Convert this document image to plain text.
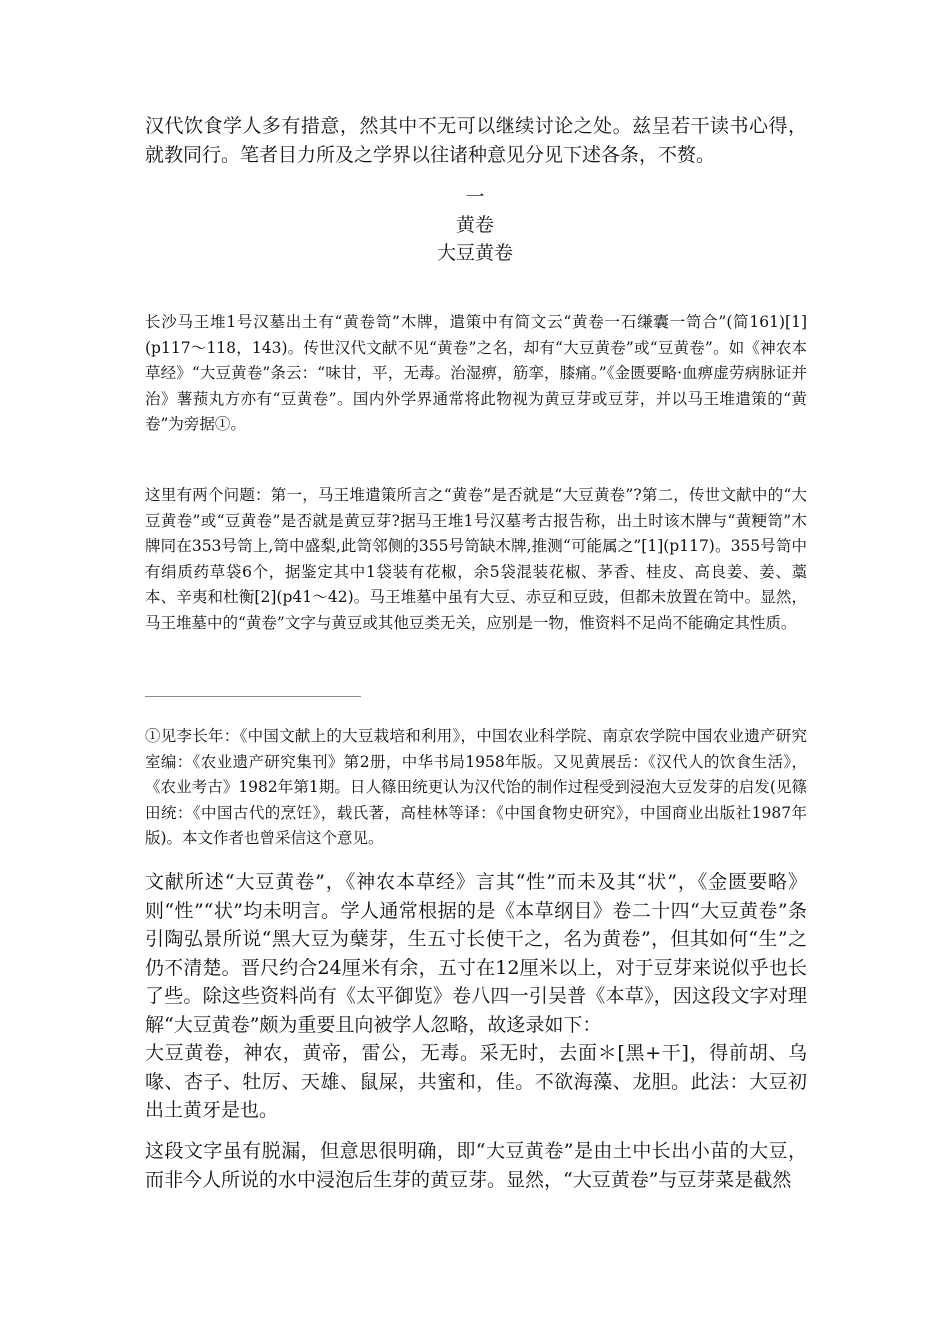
汉代饮食学人多有措意，然其中不无可以继续讨论之处。兹呈若干读书心得，就教同行。笔者目力所及之学界以往诸种意见分见下述各条，不赘。
一
黄卷
大豆黄卷
长沙马王堆1号汉墓出土有“黄卷笥”木牌，遣策中有简文云“黄卷一石缣囊一笥合”(简161)[1](p117～118，143)。传世汉代文献不见“黄卷”之名，却有“大豆黄卷”或“豆黄卷”。如《神农本草经》“大豆黄卷”条云：“味甘，平，无毒。治湿痹，筋挛，膝痛。”《金匮要略·血痹虚劳病脉证并治》薯蓣丸方亦有“豆黄卷”。国内外学界通常将此物视为黄豆芽或豆芽，并以马王堆遣策的“黄卷”为旁据①。
这里有两个问题：第一，马王堆遣策所言之“黄卷”是否就是“大豆黄卷”?第二，传世文献中的“大豆黄卷”或“豆黄卷”是否就是黄豆芽?据马王堆1号汉墓考古报告称，出土时该木牌与“黄粳笥”木牌同在353号笥上,笥中盛梨,此笥邻侧的355号笥缺木牌,推测“可能属之”[1](p117)。355号笥中有绢质药草袋6个，据鉴定其中1袋装有花椒，余5袋混装花椒、茅香、桂皮、高良姜、姜、藁本、辛夷和杜衡[2](p41～42)。马王堆墓中虽有大豆、赤豆和豆豉，但都未放置在笥中。显然，马王堆墓中的“黄卷”文字与黄豆或其他豆类无关，应别是一物，惟资料不足尚不能确定其性质。
①见李长年：《中国文献上的大豆栽培和利用》，中国农业科学院、南京农学院中国农业遗产研究室编：《农业遗产研究集刊》第2册，中华书局1958年版。又见黄展岳：《汉代人的饮食生活》，《农业考古》1982年第1期。日人篠田统更认为汉代饴的制作过程受到浸泡大豆发芽的启发(见篠田统：《中国古代的烹饪》，载氏著，高桂林等译：《中国食物史研究》，中国商业出版社1987年版)。本文作者也曾采信这个意见。
文献所述“大豆黄卷”，《神农本草经》言其“性”而未及其“状”，《金匮要略》则“性”“状”均未明言。学人通常根据的是《本草纲目》卷二十四“大豆黄卷”条引陶弘景所说“黑大豆为蘖芽，生五寸长使干之，名为黄卷”，但其如何“生”之仍不清楚。晋尺约合24厘米有余，五寸在12厘米以上，对于豆芽来说似乎也长了些。除这些资料尚有《太平御览》卷八四一引吴普《本草》，因这段文字对理解“大豆黄卷”颇为重要且向被学人忽略，故迻录如下：
大豆黄卷，神农，黄帝，雷公，无毒。采无时，去面＊[黑+干]，得前胡、乌喙、杏子、牡厉、天雄、鼠屎，共蜜和，佳。不欲海藻、龙胆。此法：大豆初出土黄牙是也。
这段文字虽有脱漏，但意思很明确，即“大豆黄卷”是由土中长出小苗的大豆，而非今人所说的水中浸泡后生芽的黄豆芽。显然，“大豆黄卷”与豆芽菜是截然
